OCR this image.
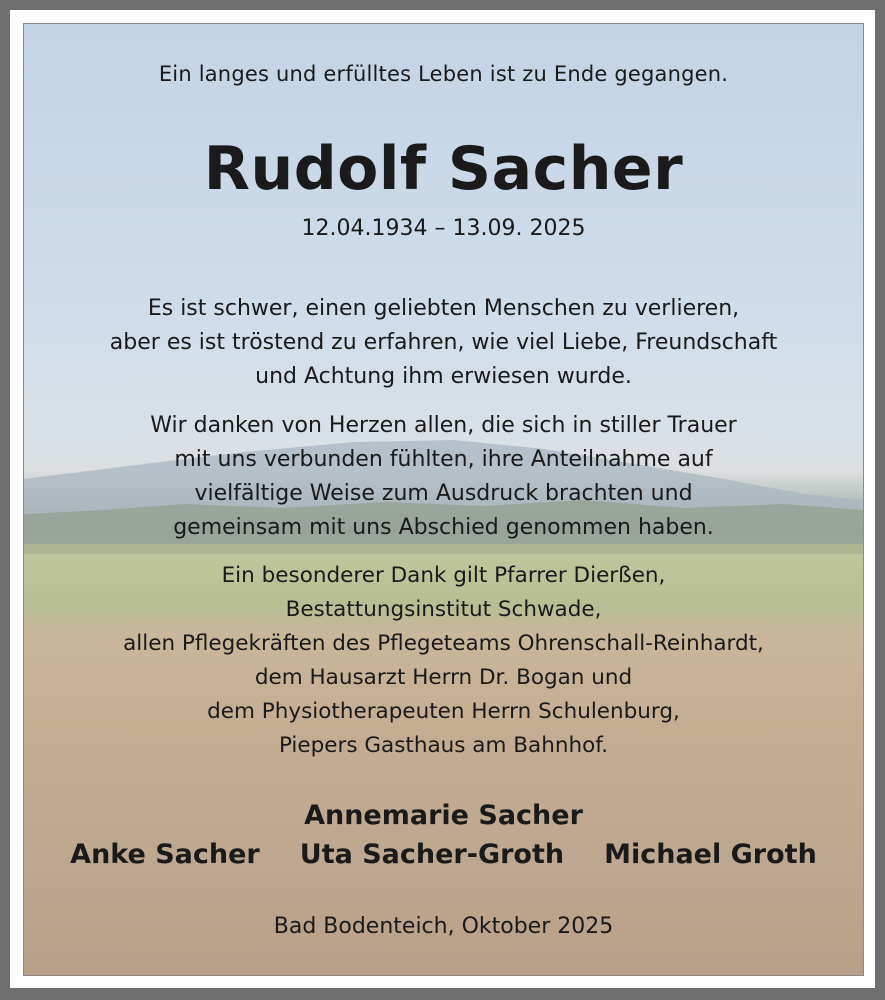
Ein langes und erfülltes Leben ist zu Ende gegangen.
Rudolf Sacher
12.04.1934 – 13.09. 2025
Es ist schwer, einen geliebten Menschen zu verlieren,
aber es ist tröstend zu erfahren, wie viel Liebe, Freundschaft
und Achtung ihm erwiesen wurde.
Wir danken von Herzen allen, die sich in stiller Trauer
mit uns verbunden fühlten, ihre Anteilnahme auf
vielfältige Weise zum Ausdruck brachten und
gemeinsam mit uns Abschied genommen haben.
Ein besonderer Dank gilt Pfarrer Dierßen,
Bestattungsinstitut Schwade,
allen Pflegekräften des Pflegeteams Ohrenschall-Reinhardt,
dem Hausarzt Herrn Dr. Bogan und
dem Physiotherapeuten Herrn Schulenburg,
Piepers Gasthaus am Bahnhof.
Annemarie Sacher
Anke Sacher Uta Sacher-Groth Michael Groth
Bad Bodenteich, Oktober 2025
